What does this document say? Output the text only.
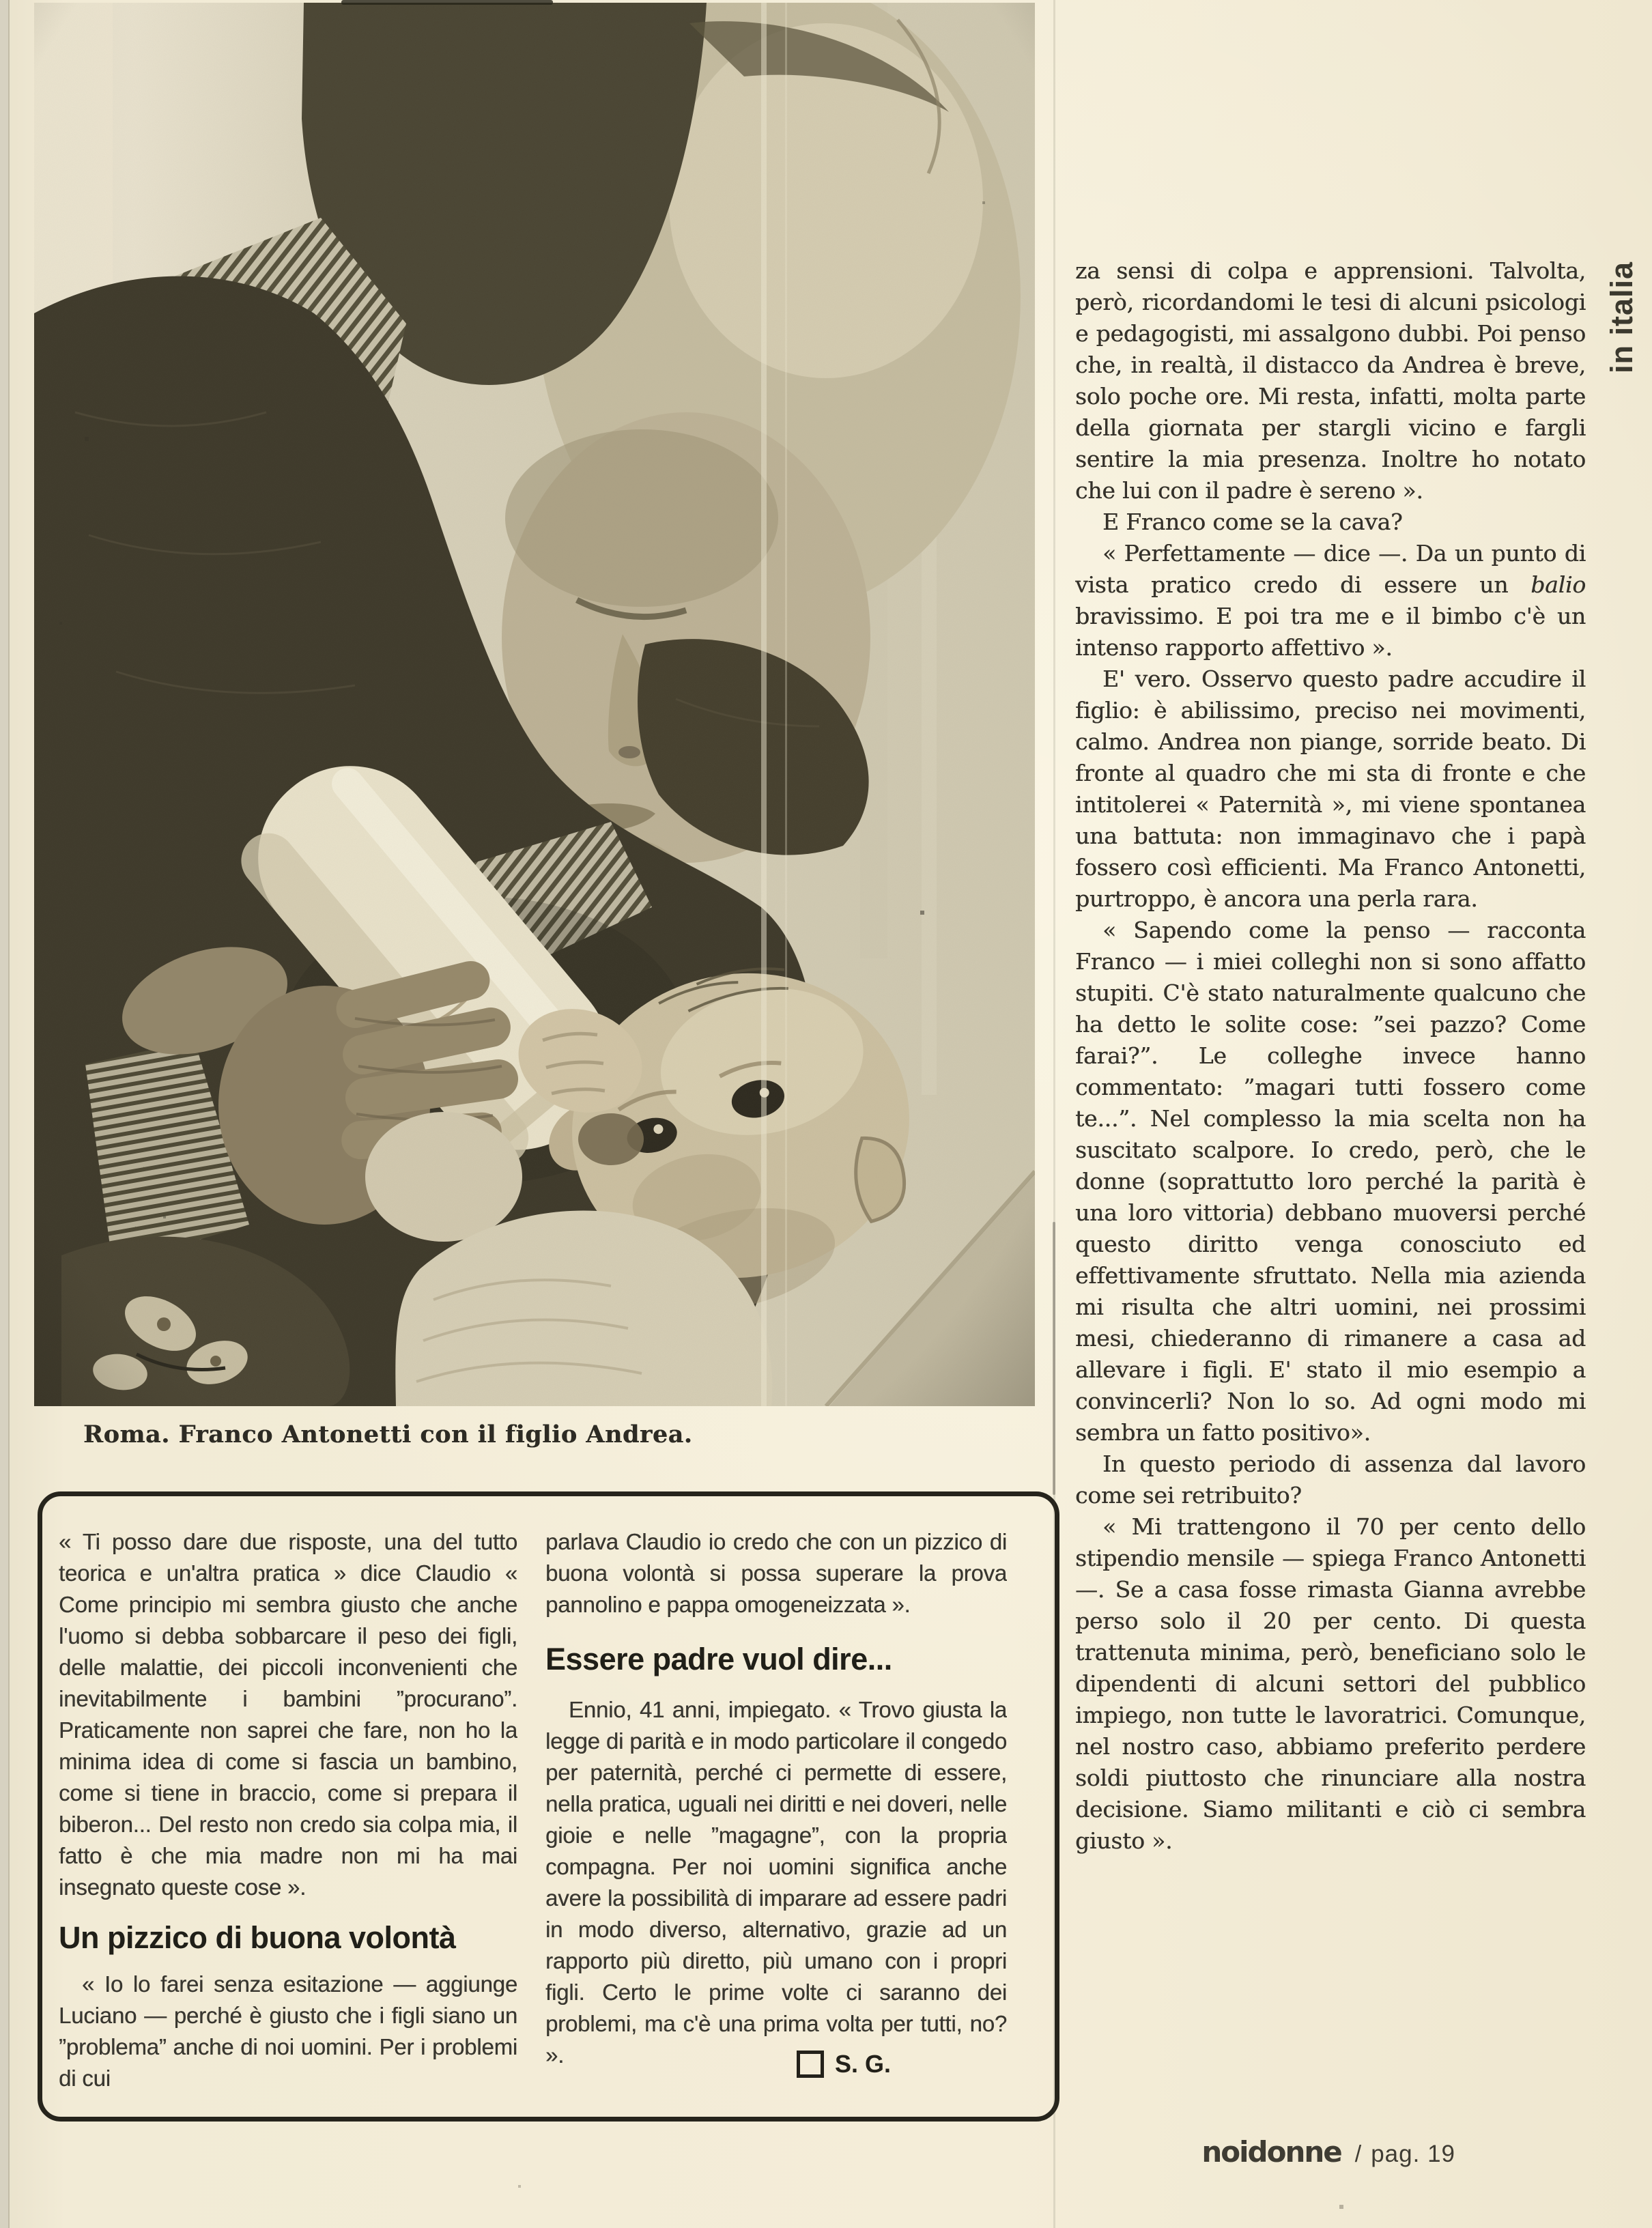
Roma. Franco Antonetti con il figlio Andrea.

za sensi di colpa e apprensioni. Talvolta, però, ricordandomi le tesi di alcuni psicologi e pedagogisti, mi assalgono dubbi. Poi penso che, in realtà, il distacco da Andrea è breve, solo poche ore. Mi resta, infatti, molta parte della giornata per stargli vicino e fargli sentire la mia presenza. Inoltre ho notato che lui con il padre è sereno ».

E Franco come se la cava?

« Perfettamente — dice —. Da un punto di vista pratico credo di essere un balio bravissimo. E poi tra me e il bimbo c'è un intenso rapporto affettivo ».

E' vero. Osservo questo padre accudire il figlio: è abilissimo, preciso nei movimenti, calmo. Andrea non piange, sorride beato. Di fronte al quadro che mi sta di fronte e che intitolerei « Paternità », mi viene spontanea una battuta: non immaginavo che i papà fossero così efficienti. Ma Franco Antonetti, purtroppo, è ancora una perla rara.

« Sapendo come la penso — racconta Franco — i miei colleghi non si sono affatto stupiti. C'è stato naturalmente qualcuno che ha detto le solite cose: ”sei pazzo? Come farai?”. Le colleghe invece hanno commentato: ”magari tutti fossero come te...”. Nel complesso la mia scelta non ha suscitato scalpore. Io credo, però, che le donne (soprattutto loro perché la parità è una loro vittoria) debbano muoversi perché questo diritto venga conosciuto ed effettivamente sfruttato. Nella mia azienda mi risulta che altri uomini, nei prossimi mesi, chiederanno di rimanere a casa ad allevare i figli. E' stato il mio esempio a convincerli? Non lo so. Ad ogni modo mi sembra un fatto positivo».

In questo periodo di assenza dal lavoro come sei retribuito?

« Mi trattengono il 70 per cento dello stipendio mensile — spiega Franco Antonetti —. Se a casa fosse rimasta Gianna avrebbe perso solo il 20 per cento. Di questa trattenuta minima, però, beneficiano solo le dipendenti di alcuni settori del pubblico impiego, non tutte le lavoratrici. Comunque, nel nostro caso, abbiamo preferito perdere soldi piuttosto che rinunciare alla nostra decisione. Siamo militanti e ciò ci sembra giusto ».

in italia

« Ti posso dare due risposte, una del tutto teorica e un'altra pratica » dice Claudio « Come principio mi sembra giusto che anche l'uomo si debba sobbarcare il peso dei figli, delle malattie, dei piccoli inconvenienti che inevitabilmente i bambini ”procurano”. Praticamente non saprei che fare, non ho la minima idea di come si fascia un bambino, come si tiene in braccio, come si prepara il biberon... Del resto non credo sia colpa mia, il fatto è che mia madre non mi ha mai insegnato queste cose ».

Un pizzico di buona volontà

« Io lo farei senza esitazione — aggiunge Luciano — perché è giusto che i figli siano un ”problema” anche di noi uomini. Per i problemi di cui

parlava Claudio io credo che con un pizzico di buona volontà si possa superare la prova pannolino e pappa omogeneizzata ».

Essere padre vuol dire...

Ennio, 41 anni, impiegato. « Trovo giusta la legge di parità e in modo particolare il congedo per paternità, perché ci permette di essere, nella pratica, uguali nei diritti e nei doveri, nelle gioie e nelle ”magagne”, con la propria compagna. Per noi uomini significa anche avere la possibilità di imparare ad essere padri in modo diverso, alternativo, grazie ad un rapporto più diretto, più umano con i propri figli. Certo le prime volte ci saranno dei problemi, ma c'è una prima volta per tutti, no? ».	S. G.
noidonne / pag. 19
